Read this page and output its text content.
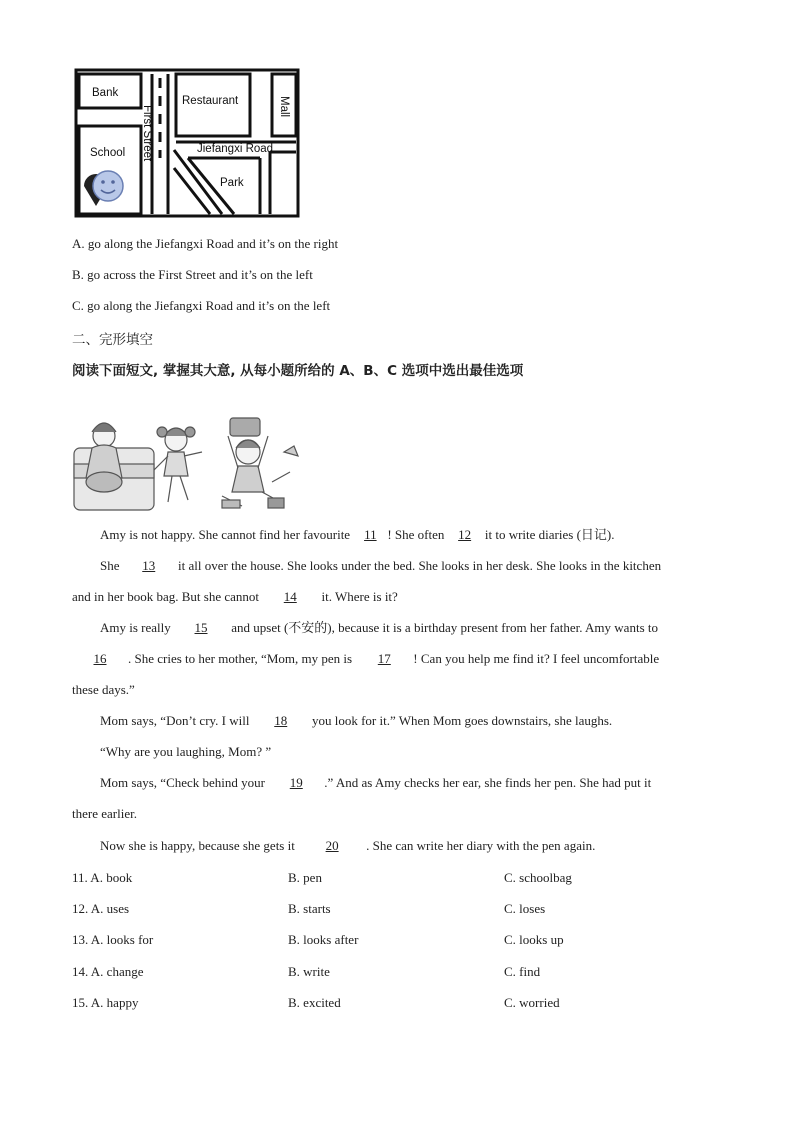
Bank
Restaurant	Mall
First Street
School	Jiefangxi Road
Park
A. go along the Jiefangxi Road and it’s on the right
B. go across the First Street and it’s on the left
C. go along the Jiefangxi Road and it’s on the left
二、完形填空
阅读下面短文, 掌握其大意, 从每小题所给的 A、B、C 选项中选出最佳选项
Amy is not happy. She cannot find her favourite 11 ! She often 12 it to write diaries (日记).
She 13 it all over the house. She looks under the bed. She looks in her desk. She looks in the kitchen
and in her book bag. But she cannot 14 it. Where is it?
Amy is really 15 and upset (不安的), because it is a birthday present from her father. Amy wants to
16 . She cries to her mother, “Mom, my pen is 17 ! Can you help me find it? I feel uncomfortable
these days.”
Mom says, “Don’t cry. I will 18 you look for it.” When Mom goes downstairs, she laughs.
“Why are you laughing, Mom? ”
Mom says, “Check behind your 19 .” And as Amy checks her ear, she finds her pen. She had put it
there earlier.
Now she is happy, because she gets it 20 . She can write her diary with the pen again.
11. A. book	B. pen	C. schoolbag
12. A. uses	B. starts	C. loses
13. A. looks for	B. looks after	C. looks up
14. A. change	B. write	C. find
15. A. happy	B. excited	C. worried
